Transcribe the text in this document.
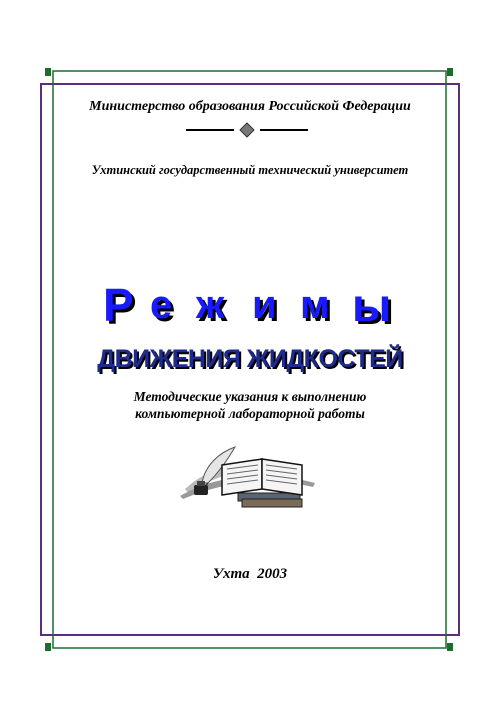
Министерство образования Российской Федерации
Ухтинский государственный технический университет
Р е ж и м ы
ДВИЖЕНИЯ ЖИДКОСТЕЙ
Методические указания к выполнению
компьютерной лабораторной работы
Ухта  2003
